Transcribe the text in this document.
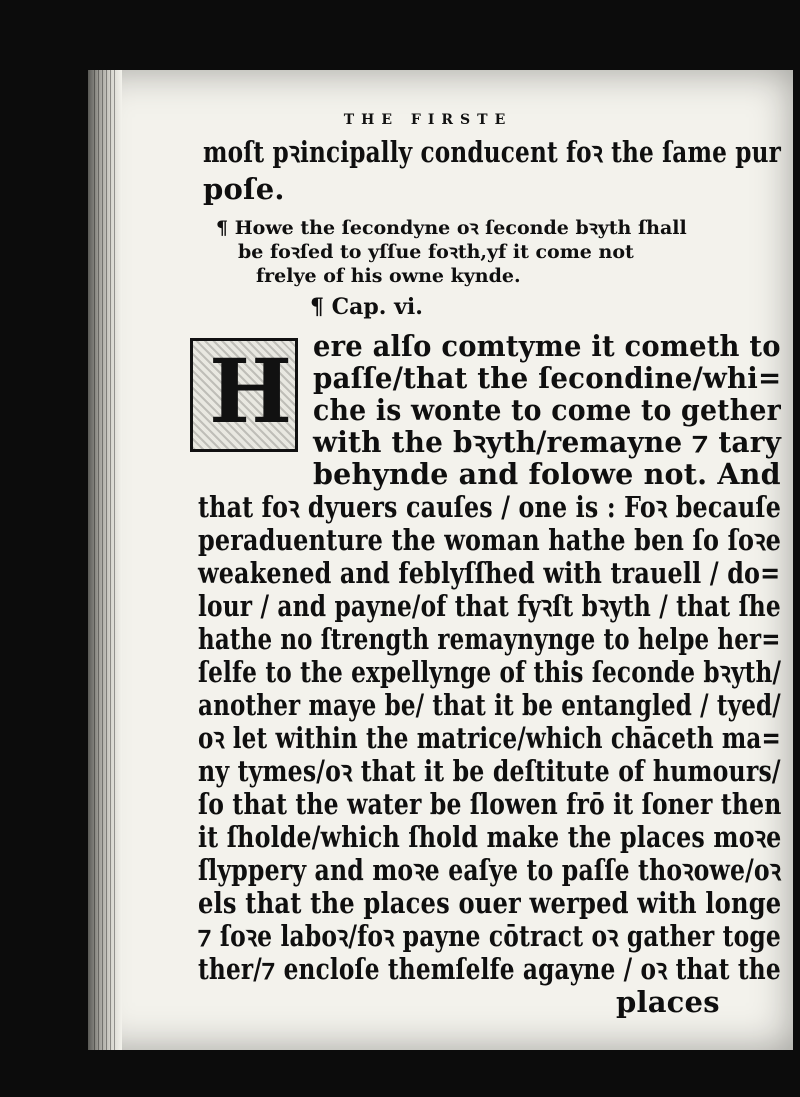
THE FIRSTE
H
moſt pꝛincipally conducent foꝛ the ſame pur
poſe.
¶ Howe the ſecondyne oꝛ ſeconde bꝛyth ſhall
be foꝛſed to yſſue foꝛth,yf it come not
frelye of his owne kynde.
¶ Cap. vi.
ere alſo comtyme it cometh to
paſſe/that the ſecondine/whi=
che is wonte to come to gether
with the bꝛyth/remayne ⁊ tary
behynde and folowe not. And
that foꝛ dyuers cauſes / one is : Foꝛ becauſe
peraduenture the woman hathe ben ſo ſoꝛe
weakened and feblyſſhed with trauell / do=
lour / and payne/of that fyꝛſt bꝛyth / that ſhe
hathe no ſtrength remaynynge to helpe her=
ſelfe to the expellynge of this ſeconde bꝛyth/
another maye be/ that it be entangled / tyed/
oꝛ let within the matrice/which chāceth ma=
ny tymes/oꝛ that it be deſtitute of humours/
ſo that the water be ſlowen frō it ſoner then
it ſholde/which ſhold make the places moꝛe
ſlyppery and moꝛe eaſye to paſſe thoꝛowe/oꝛ
els that the places ouer werped with longe
⁊ ſoꝛe laboꝛ/foꝛ payne cōtract oꝛ gather toge
ther/⁊ encloſe themſelfe agayne / oꝛ that the
places
